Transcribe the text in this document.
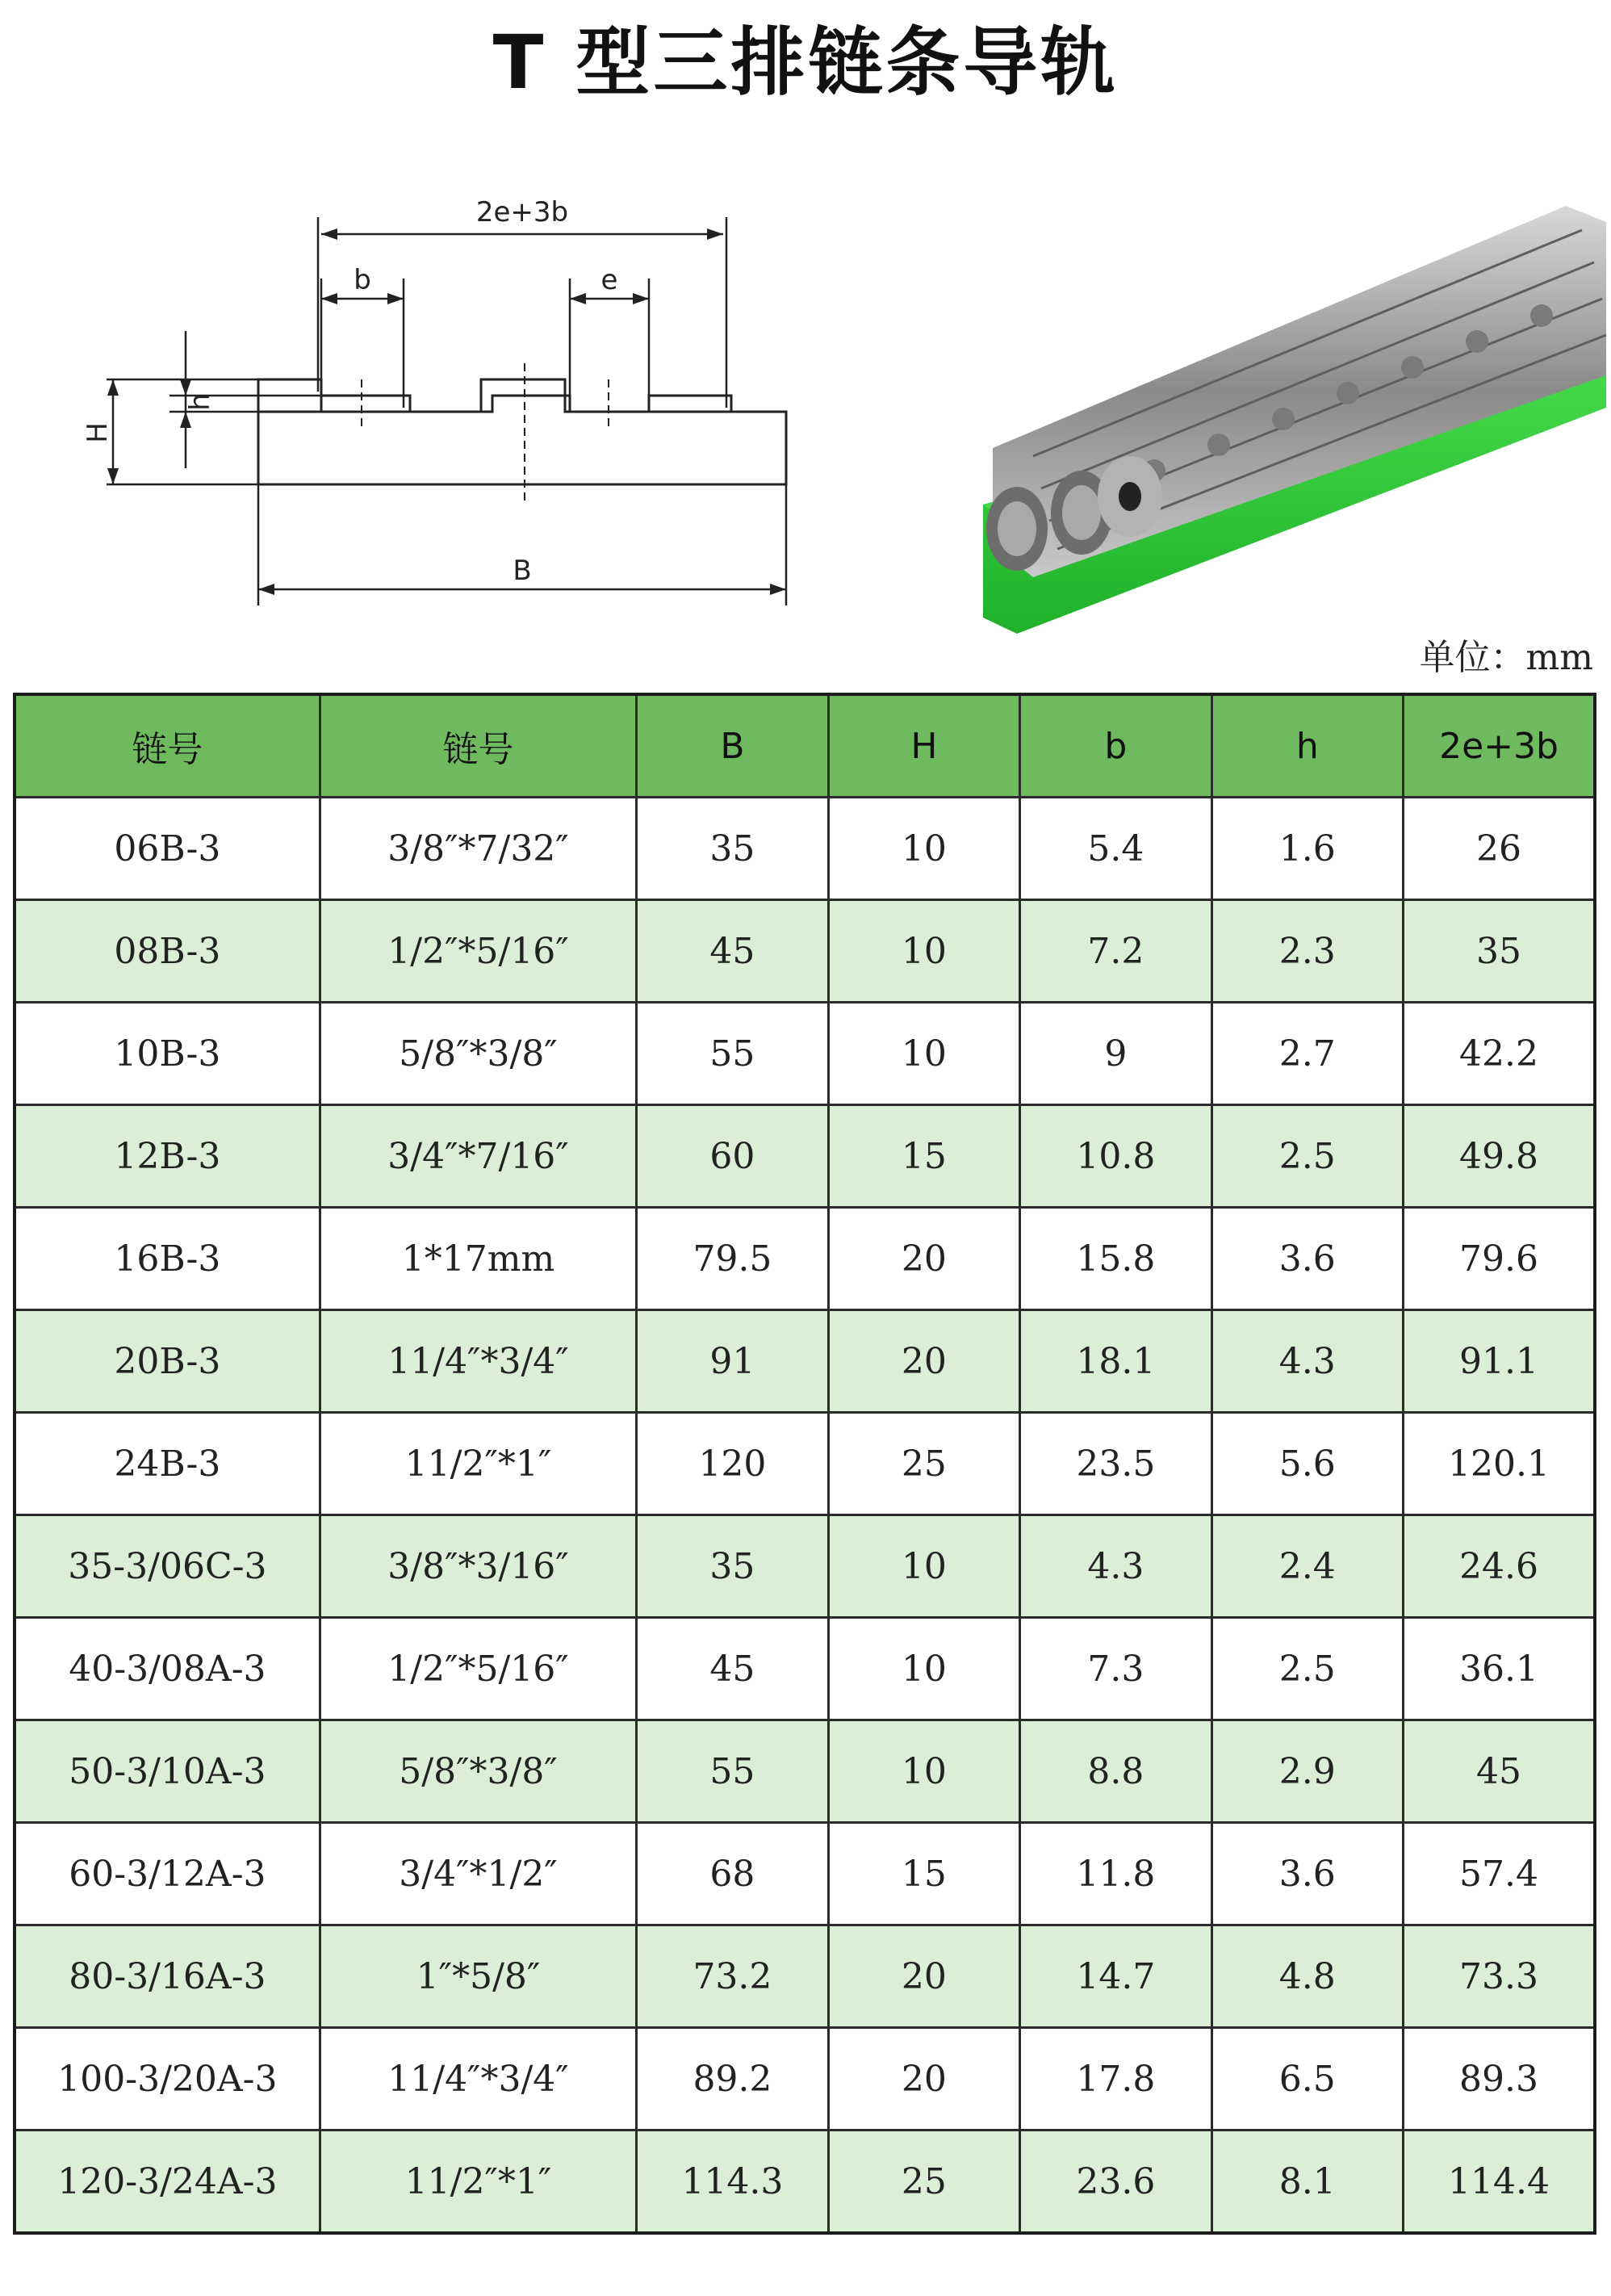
T 型三排链条导轨
2e+3b
b	e
h
H
B
单位：mm
链号	链号	B	H	b	h	2e+3b
06B-3	3/8″*7/32″	35	10	5.4	1.6	26
08B-3	1/2″*5/16″	45	10	7.2	2.3	35
10B-3	5/8″*3/8″	55	10	9	2.7	42.2
12B-3	3/4″*7/16″	60	15	10.8	2.5	49.8
16B-3	1*17mm	79.5	20	15.8	3.6	79.6
20B-3	11/4″*3/4″	91	20	18.1	4.3	91.1
24B-3	11/2″*1″	120	25	23.5	5.6	120.1
35-3/06C-3	3/8″*3/16″	35	10	4.3	2.4	24.6
40-3/08A-3	1/2″*5/16″	45	10	7.3	2.5	36.1
50-3/10A-3	5/8″*3/8″	55	10	8.8	2.9	45
60-3/12A-3	3/4″*1/2″	68	15	11.8	3.6	57.4
80-3/16A-3	1″*5/8″	73.2	20	14.7	4.8	73.3
100-3/20A-3	11/4″*3/4″	89.2	20	17.8	6.5	89.3
120-3/24A-3	11/2″*1″	114.3	25	23.6	8.1	114.4
